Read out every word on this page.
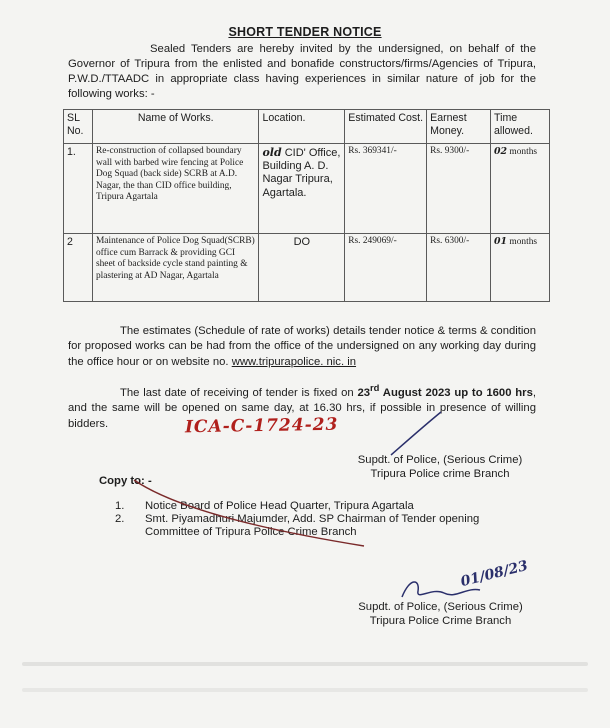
SHORT TENDER NOTICE
Sealed Tenders are hereby invited by the undersigned, on behalf of the Governor of Tripura from the enlisted and bonafide constructors/firms/Agencies of Tripura, P.W.D./TTAADC in appropriate class having experiences in similar nature of job for the following works: -
SL No.	Name of Works.	Location.	Estimated Cost.	Earnest Money.	Time allowed.
1.	Re-construction of collapsed boundary wall with barbed wire fencing at Police Dog Squad (back side) SCRB at A.D. Nagar, the than CID office building, Tripura Agartala	old CID' Office, Building A. D. Nagar Tripura, Agartala.	Rs. 369341/-	Rs. 9300/-	02 months
2	Maintenance of Police Dog Squad(SCRB) office cum Barrack & providing GCI sheet of backside cycle stand painting & plastering at AD Nagar, Agartala	DO	Rs. 249069/-	Rs. 6300/-	01 months
The estimates (Schedule of rate of works) details tender notice & terms & condition for proposed works can be had from the office of the undersigned on any working day during the office hour or on website no. www.tripurapolice. nic. in
The last date of receiving of tender is fixed on 23rd August 2023 up to 1600 hrs, and the same will be opened on same day, at 16.30 hrs, if possible in presence of willing bidders.	ICA-C-1724-23
Supdt. of Police, (Serious Crime)
Tripura Police crime Branch
Copy to: -
1. Notice Board of Police Head Quarter, Tripura Agartala
2. Smt. Piyamadhuri Majumder, Add. SP Chairman of Tender opening
Committee of Tripura Police Crime Branch
01/08/23
Supdt. of Police, (Serious Crime)
Tripura Police Crime Branch
